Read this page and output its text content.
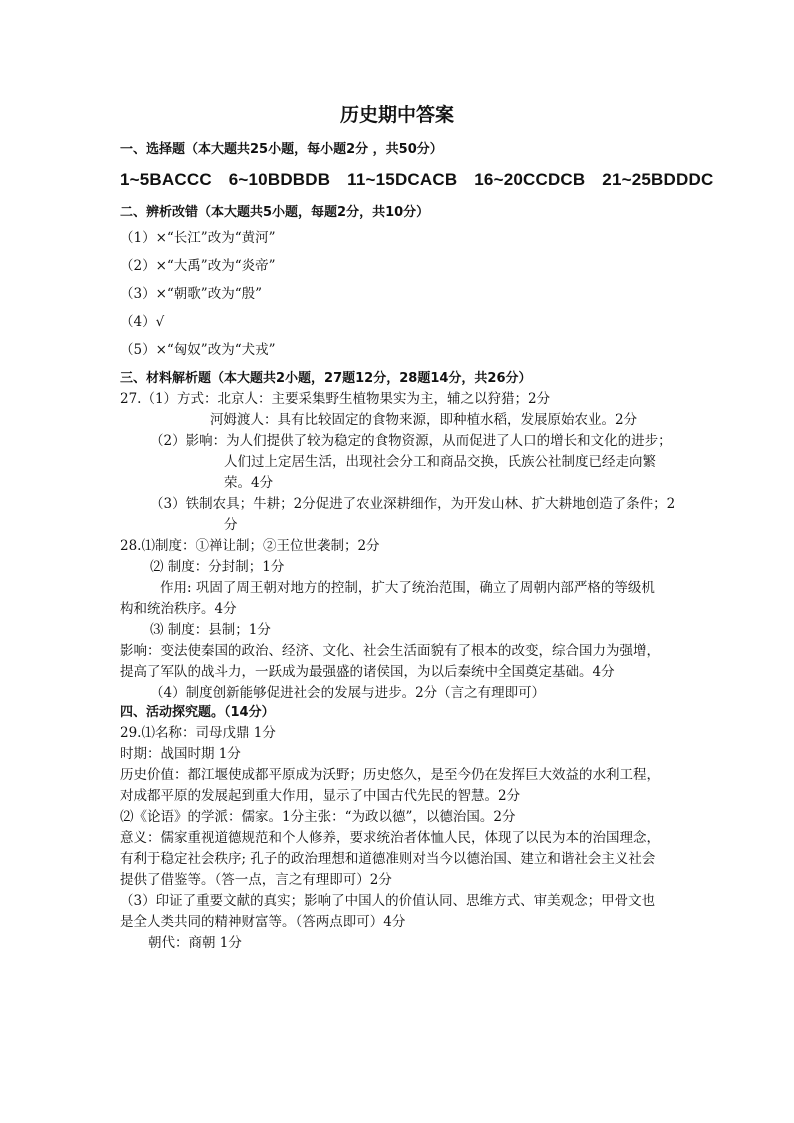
历史期中答案
一、选择题（本大题共25小题，每小题2分 ，共50分）
1~5BACCC 6~10BDBDB 11~15DCACB 16~20CCDCB 21~25BDDDC
二、辨析改错（本大题共5小题，每题2分，共10分）
（1）×“长江”改为“黄河”
（2）×“大禹”改为“炎帝”
（3）×“朝歌”改为“殷”
（4）√
（5）×“匈奴”改为“犬戎”
三、材料解析题（本大题共2小题，27题12分，28题14分，共26分）
27.（1）方式：北京人：主要采集野生植物果实为主，辅之以狩猎；2分
河姆渡人：具有比较固定的食物来源，即种植水稻，发展原始农业。2分
（2）影响：为人们提供了较为稳定的食物资源，从而促进了人口的增长和文化的进步；
人们过上定居生活，出现社会分工和商品交换，氏族公社制度已经走向繁
荣。4分
（3）铁制农具；牛耕；2分促进了农业深耕细作，为开发山林、扩大耕地创造了条件；2
分
28.⑴制度：①禅让制；②王位世袭制；2分
⑵ 制度：分封制；1分
作用: 巩固了周王朝对地方的控制，扩大了统治范围，确立了周朝内部严格的等级机
构和统治秩序。4分
⑶ 制度：县制；1分
影响：变法使秦国的政治、经济、文化、社会生活面貌有了根本的改变，综合国力为强增，
提高了军队的战斗力，一跃成为最强盛的诸侯国，为以后秦统中全国奠定基础。4分
（4）制度创新能够促进社会的发展与进步。2分（言之有理即可）
四、活动探究题。（14分）
29.⑴名称：司母戊鼎 1分
时期：战国时期 1分
历史价值：都江堰使成都平原成为沃野；历史悠久，是至今仍在发挥巨大效益的水利工程，
对成都平原的发展起到重大作用，显示了中国古代先民的智慧。2分
⑵《论语》的学派：儒家。1分主张：“为政以德”，以德治国。2分
意义：儒家重视道德规范和个人修养，要求统治者体恤人民，体现了以民为本的治国理念，
有利于稳定社会秩序; 孔子的政治理想和道德准则对当今以德治国、建立和谐社会主义社会
提供了借鉴等。（答一点，言之有理即可）2分
（3）印证了重要文献的真实；影响了中国人的价值认同、思维方式、审美观念；甲骨文也
是全人类共同的精神财富等。（答两点即可）4分
朝代：商朝 1分
